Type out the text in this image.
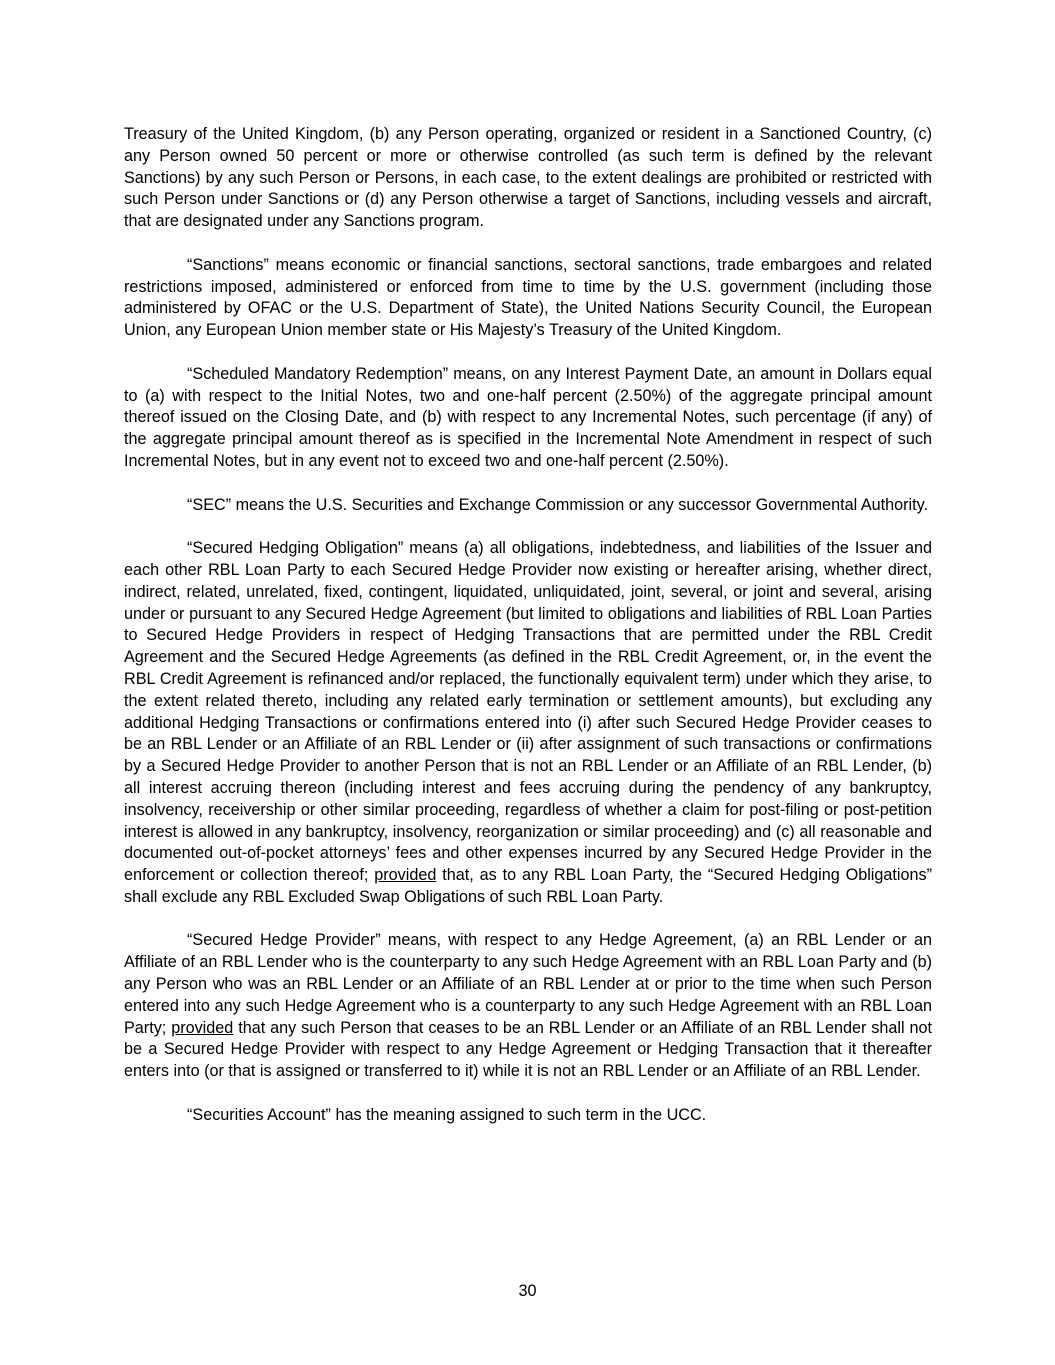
Treasury of the United Kingdom, (b) any Person operating, organized or resident in a Sanctioned Country, (c) any Person owned 50 percent or more or otherwise controlled (as such term is defined by the relevant Sanctions) by any such Person or Persons, in each case, to the extent dealings are prohibited or restricted with such Person under Sanctions or (d) any Person otherwise a target of Sanctions, including vessels and aircraft, that are designated under any Sanctions program.

“Sanctions” means economic or financial sanctions, sectoral sanctions, trade embargoes and related restrictions imposed, administered or enforced from time to time by the U.S. government (including those administered by OFAC or the U.S. Department of State), the United Nations Security Council, the European Union, any European Union member state or His Majesty’s Treasury of the United Kingdom.

“Scheduled Mandatory Redemption” means, on any Interest Payment Date, an amount in Dollars equal to (a) with respect to the Initial Notes, two and one-half percent (2.50%) of the aggregate principal amount thereof issued on the Closing Date, and (b) with respect to any Incremental Notes, such percentage (if any) of the aggregate principal amount thereof as is specified in the Incremental Note Amendment in respect of such Incremental Notes, but in any event not to exceed two and one-half percent (2.50%).

“SEC” means the U.S. Securities and Exchange Commission or any successor Governmental Authority.

“Secured Hedging Obligation” means (a) all obligations, indebtedness, and liabilities of the Issuer and each other RBL Loan Party to each Secured Hedge Provider now existing or hereafter arising, whether direct, indirect, related, unrelated, fixed, contingent, liquidated, unliquidated, joint, several, or joint and several, arising under or pursuant to any Secured Hedge Agreement (but limited to obligations and liabilities of RBL Loan Parties to Secured Hedge Providers in respect of Hedging Transactions that are permitted under the RBL Credit Agreement and the Secured Hedge Agreements (as defined in the RBL Credit Agreement, or, in the event the RBL Credit Agreement is refinanced and/or replaced, the functionally equivalent term) under which they arise, to the extent related thereto, including any related early termination or settlement amounts), but excluding any additional Hedging Transactions or confirmations entered into (i) after such Secured Hedge Provider ceases to be an RBL Lender or an Affiliate of an RBL Lender or (ii) after assignment of such transactions or confirmations by a Secured Hedge Provider to another Person that is not an RBL Lender or an Affiliate of an RBL Lender, (b) all interest accruing thereon (including interest and fees accruing during the pendency of any bankruptcy, insolvency, receivership or other similar proceeding, regardless of whether a claim for post-filing or post-petition interest is allowed in any bankruptcy, insolvency, reorganization or similar proceeding) and (c) all reasonable and documented out-of-pocket attorneys’ fees and other expenses incurred by any Secured Hedge Provider in the enforcement or collection thereof; provided that, as to any RBL Loan Party, the “Secured Hedging Obligations” shall exclude any RBL Excluded Swap Obligations of such RBL Loan Party.

“Secured Hedge Provider” means, with respect to any Hedge Agreement, (a) an RBL Lender or an Affiliate of an RBL Lender who is the counterparty to any such Hedge Agreement with an RBL Loan Party and (b) any Person who was an RBL Lender or an Affiliate of an RBL Lender at or prior to the time when such Person entered into any such Hedge Agreement who is a counterparty to any such Hedge Agreement with an RBL Loan Party; provided that any such Person that ceases to be an RBL Lender or an Affiliate of an RBL Lender shall not be a Secured Hedge Provider with respect to any Hedge Agreement or Hedging Transaction that it thereafter enters into (or that is assigned or transferred to it) while it is not an RBL Lender or an Affiliate of an RBL Lender.

“Securities Account” has the meaning assigned to such term in the UCC.

30
